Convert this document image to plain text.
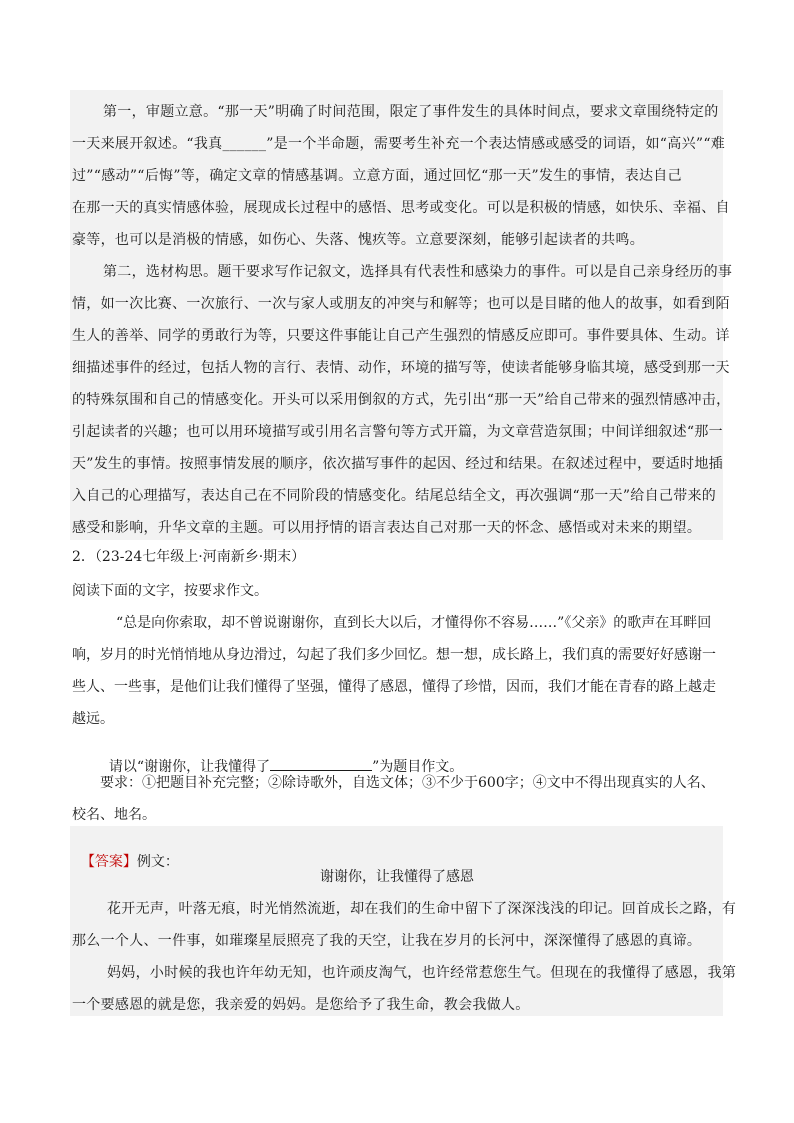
第一，审题立意。“那一天”明确了时间范围，限定了事件发生的具体时间点，要求文章围绕特定的
一天来展开叙述。“我真______”是一个半命题，需要考生补充一个表达情感或感受的词语，如“高兴”“难
过”“感动”“后悔”等，确定文章的情感基调。立意方面，通过回忆“那一天”发生的事情，表达自己
在那一天的真实情感体验，展现成长过程中的感悟、思考或变化。可以是积极的情感，如快乐、幸福、自
豪等，也可以是消极的情感，如伤心、失落、愧疚等。立意要深刻，能够引起读者的共鸣。
第二，选材构思。题干要求写作记叙文，选择具有代表性和感染力的事件。可以是自己亲身经历的事
情，如一次比赛、一次旅行、一次与家人或朋友的冲突与和解等；也可以是目睹的他人的故事，如看到陌
生人的善举、同学的勇敢行为等，只要这件事能让自己产生强烈的情感反应即可。事件要具体、生动。详
细描述事件的经过，包括人物的言行、表情、动作，环境的描写等，使读者能够身临其境，感受到那一天
的特殊氛围和自己的情感变化。开头可以采用倒叙的方式，先引出“那一天”给自己带来的强烈情感冲击，
引起读者的兴趣；也可以用环境描写或引用名言警句等方式开篇，为文章营造氛围；中间详细叙述“那一
天”发生的事情。按照事情发展的顺序，依次描写事件的起因、经过和结果。在叙述过程中，要适时地插
入自己的心理描写，表达自己在不同阶段的情感变化。结尾总结全文，再次强调“那一天”给自己带来的
感受和影响，升华文章的主题。可以用抒情的语言表达自己对那一天的怀念、感悟或对未来的期望。
2．（23-24七年级上·河南新乡·期末）
阅读下面的文字，按要求作文。
“总是向你索取，却不曾说谢谢你，直到长大以后，才懂得你不容易……”《父亲》的歌声在耳畔回
响，岁月的时光悄悄地从身边滑过，勾起了我们多少回忆。想一想，成长路上，我们真的需要好好感谢一
些人、一些事，是他们让我们懂得了坚强，懂得了感恩，懂得了珍惜，因而，我们才能在青春的路上越走
越远。

请以“谢谢你，让我懂得了	”为题目作文。

要求：①把题目补充完整；②除诗歌外，自选文体；③不少于600字；④文中不得出现真实的人名、
校名、地名。

【答案】例文：

谢谢你，让我懂得了感恩
花开无声，叶落无痕，时光悄然流逝，却在我们的生命中留下了深深浅浅的印记。回首成长之路，有
那么一个人、一件事，如璀璨星辰照亮了我的天空，让我在岁月的长河中，深深懂得了感恩的真谛。
妈妈，小时候的我也许年幼无知，也许顽皮淘气，也许经常惹您生气。但现在的我懂得了感恩，我第
一个要感恩的就是您，我亲爱的妈妈。是您给予了我生命，教会我做人。
